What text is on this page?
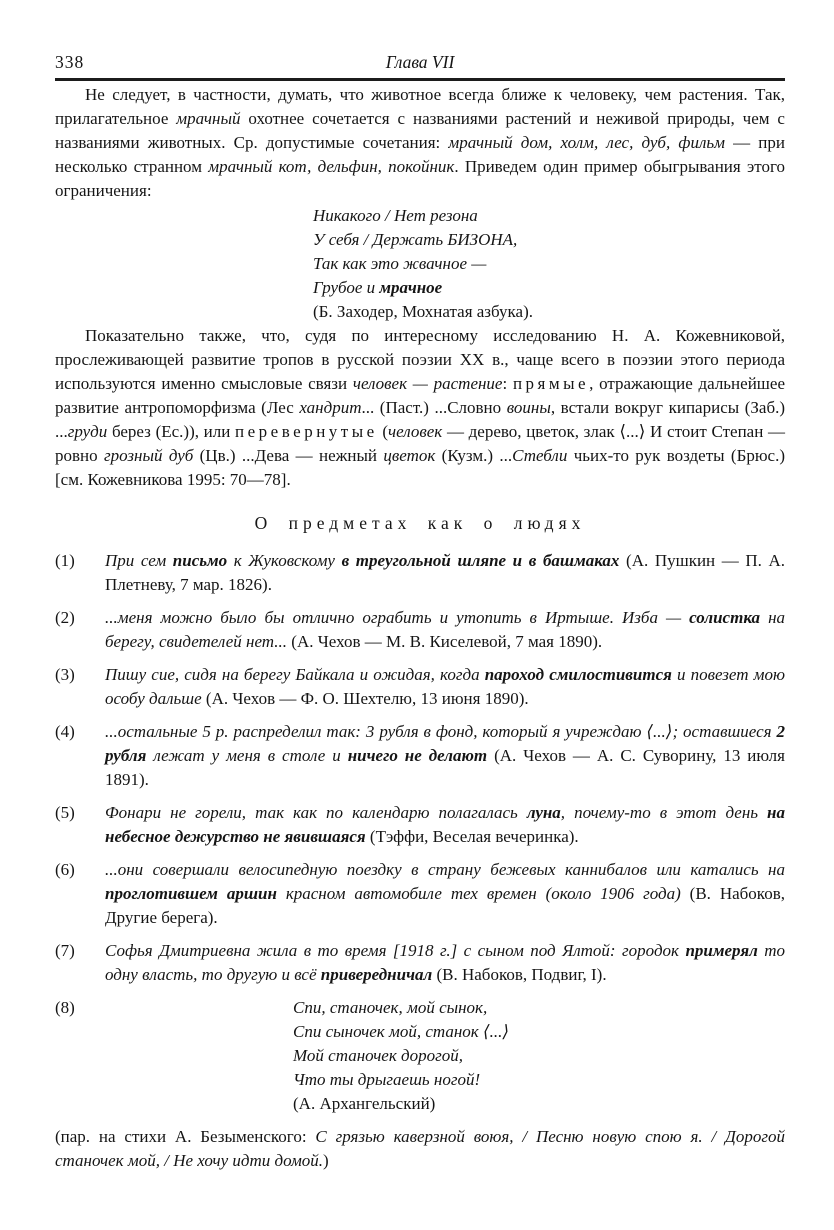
338	Глава VII

Не следует, в частности, думать, что животное всегда ближе к человеку, чем растения. Так, прилагательное мрачный охотнее сочетается с названиями растений и неживой природы, чем с названиями животных. Ср. допустимые сочетания: мрачный дом, холм, лес, дуб, фильм — при несколько странном мрачный кот, дельфин, покойник. Приведем один пример обыгрывания этого ограничения:

Никакого / Нет резона
У себя / Держать БИЗОНА,
Так как это жвачное —
Грубое и мрачное
(Б. Заходер, Мохнатая азбука).

Показательно также, что, судя по интересному исследованию Н. А. Кожевниковой, прослеживающей развитие тропов в русской поэзии XX в., чаще всего в поэзии этого периода используются именно смысловые связи человек — растение: прямые, отражающие дальнейшее развитие антропоморфизма (Лес хандрит... (Паст.) ...Словно воины, встали вокруг кипарисы (Заб.) ...груди берез (Ес.)), или перевернутые (человек — дерево, цветок, злак ⟨...⟩ И стоит Степан — ровно грозный дуб (Цв.) ...Дева — нежный цветок (Кузм.) ...Стебли чьих-то рук воздеты (Брюс.) [см. Кожевникова 1995: 70—78].

О предметах как о людях
(1)	При сем письмо к Жуковскому в треугольной шляпе и в башмаках (А. Пушкин — П. А. Плетневу, 7 мар. 1826).
(2)	...меня можно было бы отлично ограбить и утопить в Иртыше. Изба — солистка на берегу, свидетелей нет... (А. Чехов — М. В. Киселевой, 7 мая 1890).
(3)	Пишу сие, сидя на берегу Байкала и ожидая, когда пароход смилостивится и повезет мою особу дальше (А. Чехов — Ф. О. Шехтелю, 13 июня 1890).
(4)	...остальные 5 р. распределил так: 3 рубля в фонд, который я учреждаю ⟨...⟩; оставшиеся 2 рубля лежат у меня в столе и ничего не делают (А. Чехов — А. С. Суворину, 13 июля 1891).
(5)	Фонари не горели, так как по календарю полагалась луна, почему-то в этот день на небесное дежурство не явившаяся (Тэффи, Веселая вечеринка).
(6)	...они совершали велосипедную поездку в страну бежевых каннибалов или катались на проглотившем аршин красном автомобиле тех времен (около 1906 года) (В. Набоков, Другие берега).
(7)	Софья Дмитриевна жила в то время [1918 г.] с сыном под Ялтой: городок примерял то одну власть, то другую и всё привередничал (В. Набоков, Подвиг, I).
(8)	Спи, станочек, мой сынок,
Спи сыночек мой, станок ⟨...⟩
Мой станочек дорогой,
Что ты дрыгаешь ногой!
(А. Архангельский)

(пар. на стихи А. Безыменского: С грязью каверзной воюя, / Песню новую спою я. / Дорогой станочек мой, / Не хочу идти домой.)
